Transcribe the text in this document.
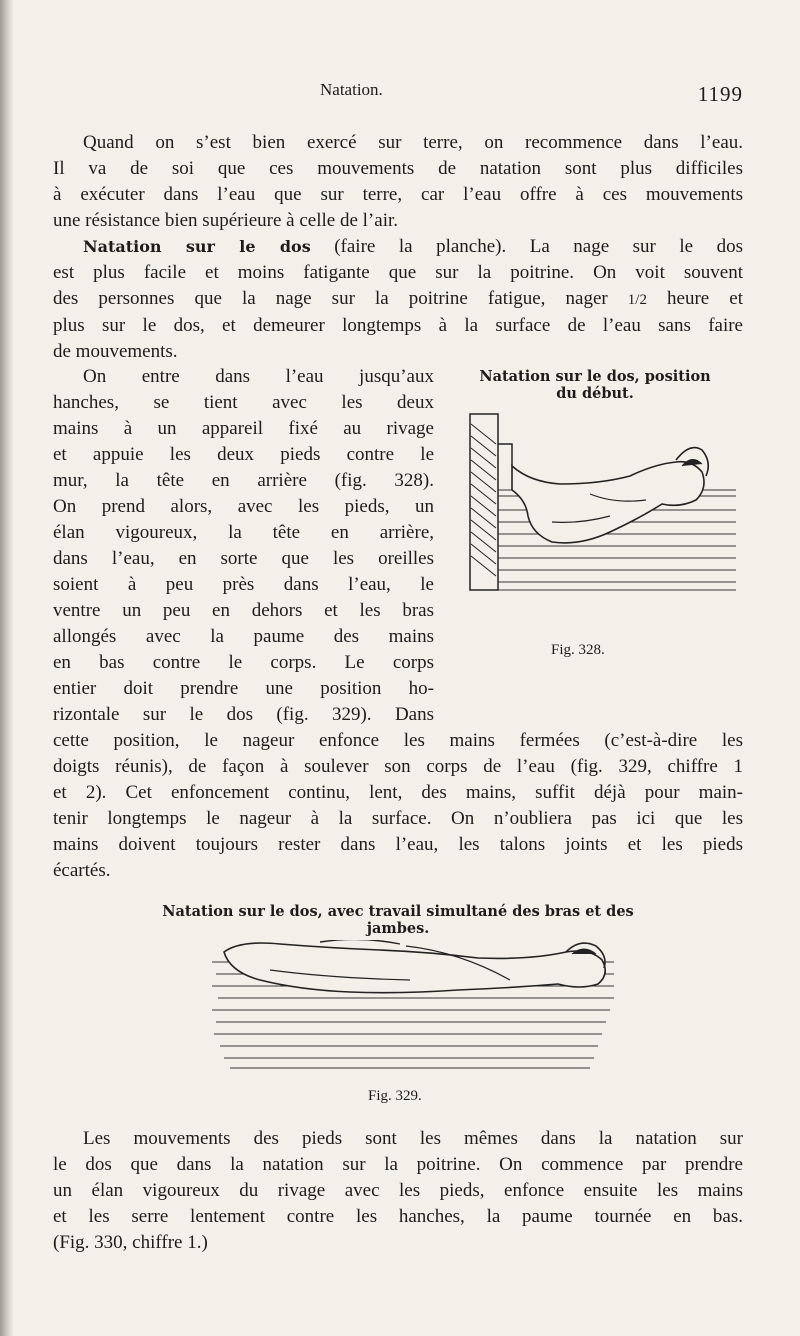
Natation.	1199
Quand on s’est bien exercé sur terre, on recommence dans l’eau.
Il va de soi que ces mouvements de natation sont plus difficiles
à exécuter dans l’eau que sur terre, car l’eau offre à ces mouvements
une résistance bien supérieure à celle de l’air.
Natation sur le dos (faire la planche). La nage sur le dos
est plus facile et moins fatigante que sur la poitrine. On voit souvent
des personnes que la nage sur la poitrine fatigue, nager 1/2 heure et
plus sur le dos, et demeurer longtemps à la surface de l’eau sans faire
de mouvements.
On entre dans l’eau jusqu’aux
hanches, se tient avec les deux
mains à un appareil fixé au rivage
et appuie les deux pieds contre le
mur, la tête en arrière (fig. 328).
On prend alors, avec les pieds, un
élan vigoureux, la tête en arrière,
dans l’eau, en sorte que les oreilles
soient à peu près dans l’eau, le
ventre un peu en dehors et les bras
allongés avec la paume des mains
en bas contre le corps. Le corps
entier doit prendre une position ho-
rizontale sur le dos (fig. 329). Dans
cette position, le nageur enfonce les mains fermées (c’est-à-dire les
doigts réunis), de façon à soulever son corps de l’eau (fig. 329, chiffre 1
et 2). Cet enfoncement continu, lent, des mains, suffit déjà pour main-
tenir longtemps le nageur à la surface. On n’oubliera pas ici que les
mains doivent toujours rester dans l’eau, les talons joints et les pieds
écartés.
Natation sur le dos, position
du début.
Fig. 328.
Natation sur le dos, avec travail simultané des bras et des
jambes.
Fig. 329.
Les mouvements des pieds sont les mêmes dans la natation sur
le dos que dans la natation sur la poitrine. On commence par prendre
un élan vigoureux du rivage avec les pieds, enfonce ensuite les mains
et les serre lentement contre les hanches, la paume tournée en bas.
(Fig. 330, chiffre 1.)
